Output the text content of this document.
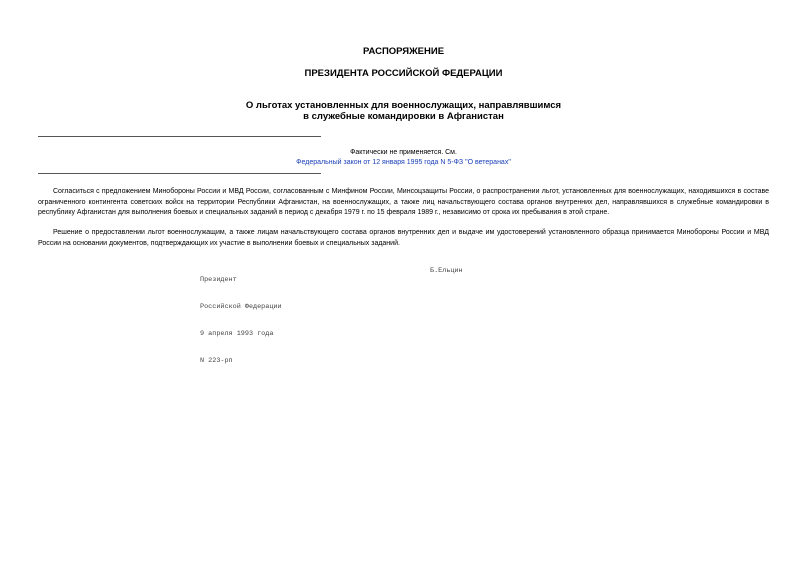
РАСПОРЯЖЕНИЕ
ПРЕЗИДЕНТА РОССИЙСКОЙ ФЕДЕРАЦИИ
О льготах установленных для военнослужащих, направлявшимся
в служебные командировки в Афганистан
Фактически не применяется. См.
Федеральный закон от 12 января 1995 года N 5-ФЗ "О ветеранах"

Согласиться с предложением Минобороны России и МВД России, согласованным с Минфином России, Минсоцзащиты России, о распространении льгот, установленных для военнослужащих, находившихся в составе ограниченного контингента советских войск на территории Республики Афганистан, на военнослужащих, а также лиц начальствующего состава органов внутренних дел, направлявшихся в служебные командировки в республику Афганистан для выполнения боевых и специальных заданий в период с декабря 1979 г. по 15 февраля 1989 г., независимо от срока их пребывания в этой стране.

Решение о предоставлении льгот военнослужащим, а также лицам начальствующего состава органов внутренних дел и выдаче им удостоверений установленного образца принимается Минобороны России и МВД России на основании документов, подтверждающих их участие в выполнении боевых и специальных заданий.

Президент

Российской Федерации

9 апреля 1993 года

N 223-рп

Б.Ельцин
